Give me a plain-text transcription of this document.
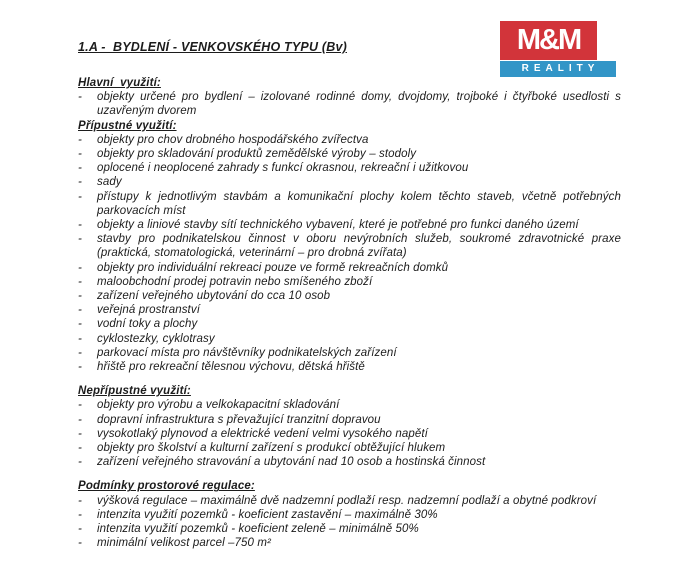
M&M
REALITY
1.A -  BYDLENÍ - VENKOVSKÉHO TYPU (Bv)
Hlavní  využití:
- objekty určené pro bydlení – izolované rodinné domy, dvojdomy, trojboké i čtyřboké usedlosti s uzavřeným dvorem
Přípustné využití:
- objekty pro chov drobného hospodářského zvířectva
- objekty pro skladování produktů zemědělské výroby – stodoly
- oplocené i neoplocené zahrady s funkcí okrasnou, rekreační i užitkovou
- sady
- přístupy k jednotlivým stavbám a komunikační plochy kolem těchto staveb, včetně potřebných parkovacích míst
- objekty a liniové stavby sítí technického vybavení, které je potřebné pro funkci daného území
- stavby pro podnikatelskou činnost v oboru nevýrobních služeb, soukromé zdravotnické praxe (praktická, stomatologická, veterinární – pro drobná zvířata)
- objekty pro individuální rekreaci pouze ve formě rekreačních domků
- maloobchodní prodej potravin nebo smíšeného zboží
- zařízení veřejného ubytování do cca 10 osob
- veřejná prostranství
- vodní toky a plochy
- cyklostezky, cyklotrasy
- parkovací místa pro návštěvníky podnikatelských zařízení
- hřiště pro rekreační tělesnou výchovu, dětská hřiště
Nepřípustné využití:
- objekty pro výrobu a velkokapacitní skladování
- dopravní infrastruktura s převažující tranzitní dopravou
- vysokotlaký plynovod a elektrické vedení velmi vysokého napětí
- objekty pro školství a kulturní zařízení s produkcí obtěžující hlukem
- zařízení veřejného stravování a ubytování nad 10 osob a hostinská činnost
Podmínky prostorové regulace:
- výšková regulace – maximálně dvě nadzemní podlaží resp. nadzemní podlaží a obytné podkroví
- intenzita využití pozemků - koeficient zastavění – maximálně 30%
- intenzita využití pozemků - koeficient zeleně – minimálně 50%
- minimální velikost parcel –750 m²
